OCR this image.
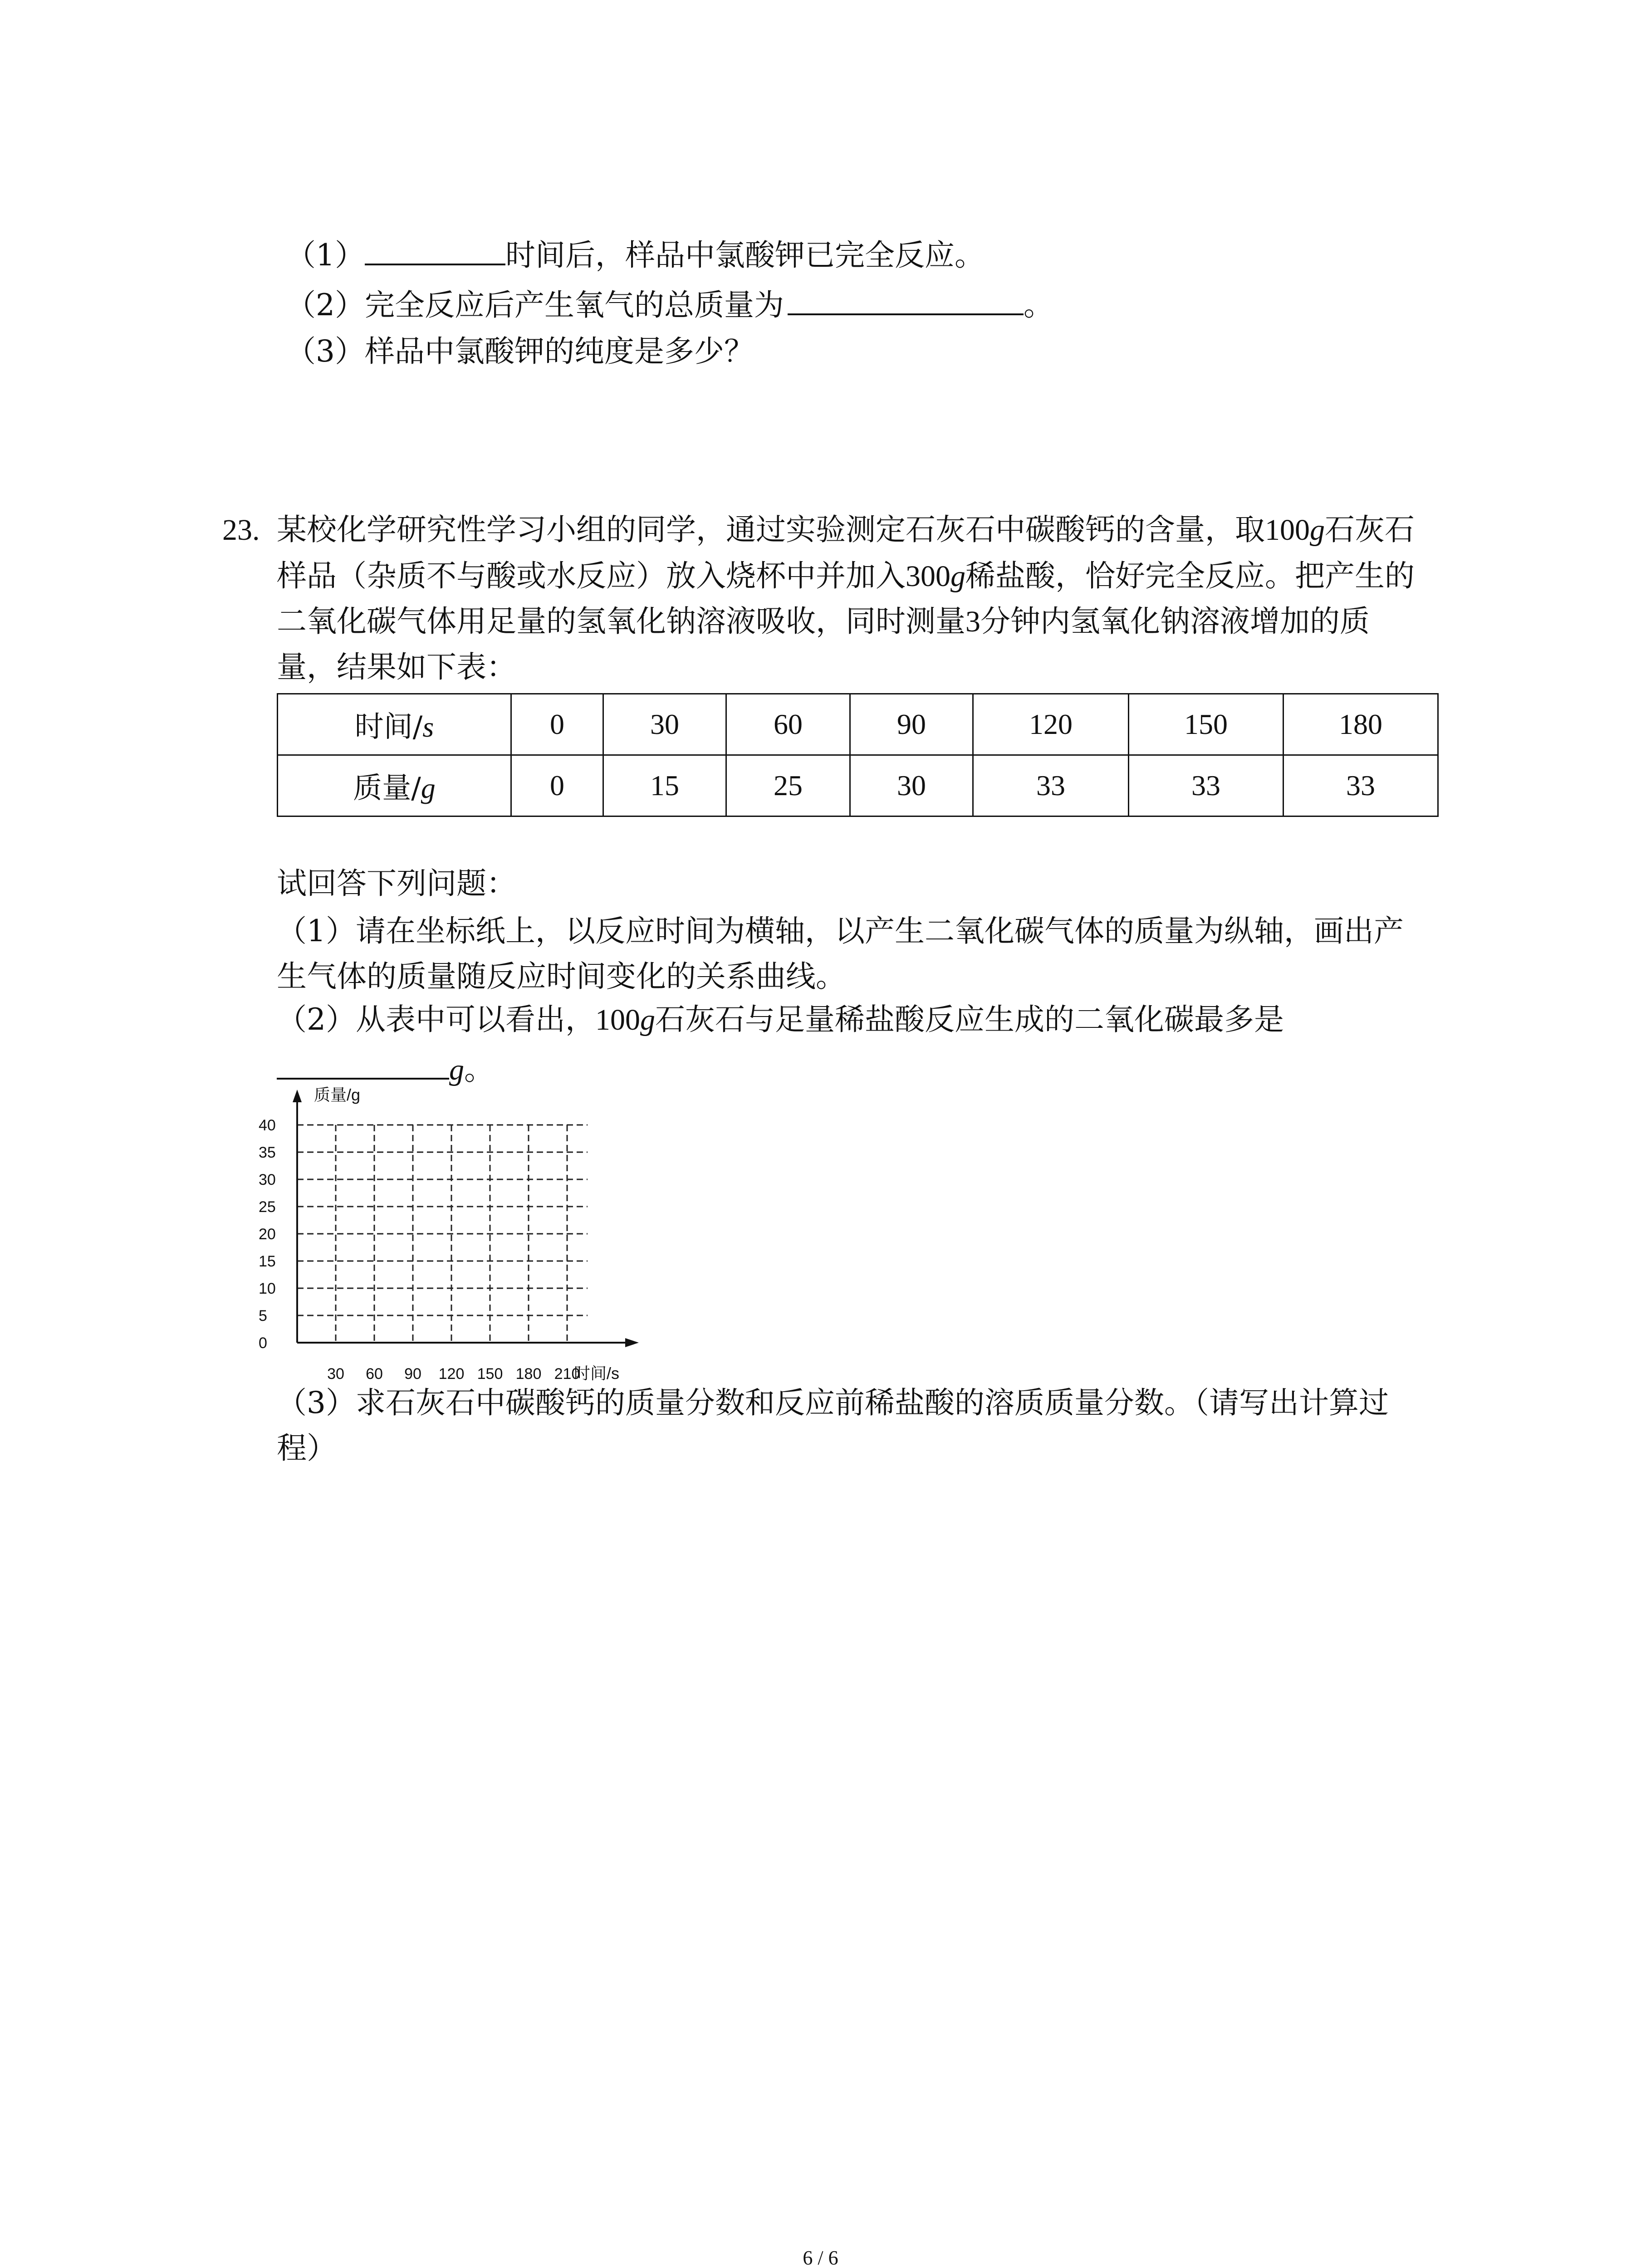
（1）	时间后，样品中氯酸钾已完全反应。
（2）完全反应后产生氧气的总质量为	。
（3）样品中氯酸钾的纯度是多少？
23. 某校化学研究性学习小组的同学，通过实验测定石灰石中碳酸钙的含量，取100g石灰石
样品（杂质不与酸或水反应）放入烧杯中并加入300g稀盐酸，恰好完全反应。把产生的
二氧化碳气体用足量的氢氧化钠溶液吸收，同时测量3分钟内氢氧化钠溶液增加的质
量，结果如下表：
时间/s	0	30	60	90	120	150	180
质量/g	0	15	25	30	33	33	33
试回答下列问题：
（1）请在坐标纸上，以反应时间为横轴，以产生二氧化碳气体的质量为纵轴，画出产
生气体的质量随反应时间变化的关系曲线。
（2）从表中可以看出，100g石灰石与足量稀盐酸反应生成的二氧化碳最多是
g。
40
35
30
25
20
15
10
5
0
30 60 90 120 150 180 210
质量/g
时间/s
（3）求石灰石中碳酸钙的质量分数和反应前稀盐酸的溶质质量分数。（请写出计算过
程）
6 / 6
